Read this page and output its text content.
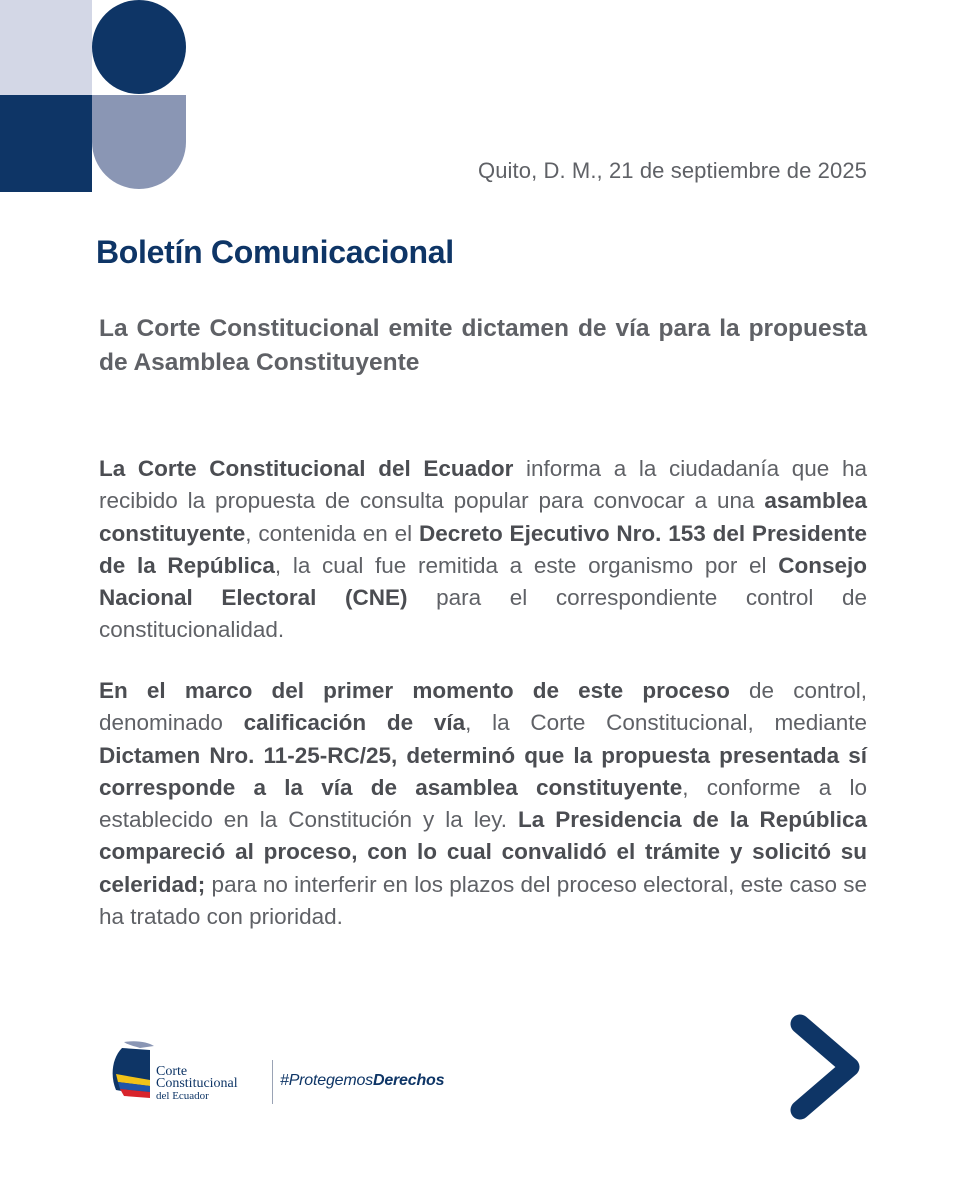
Quito, D. M., 21 de septiembre de 2025
Boletín Comunicacional
La Corte Constitucional emite dictamen de vía para la propuesta de Asamblea Constituyente

La Corte Constitucional del Ecuador informa a la ciudadanía que ha recibido la propuesta de consulta popular para convocar a una asamblea constituyente, contenida en el Decreto Ejecutivo Nro. 153 del Presidente de la República, la cual fue remitida a este organismo por el Consejo Nacional Electoral (CNE) para el correspondiente control de constitucionalidad.

En el marco del primer momento de este proceso de control, denominado calificación de vía, la Corte Constitucional, mediante Dictamen Nro. 11-25-RC/25, determinó que la propuesta presentada sí corresponde a la vía de asamblea constituyente, conforme a lo establecido en la Constitución y la ley. La Presidencia de la República compareció al proceso, con lo cual convalidó el trámite y solicitó su celeridad; para no interferir en los plazos del proceso electoral, este caso se ha tratado con prioridad.

Corte
Constitucional
del Ecuador
#ProtegemosDerechos
